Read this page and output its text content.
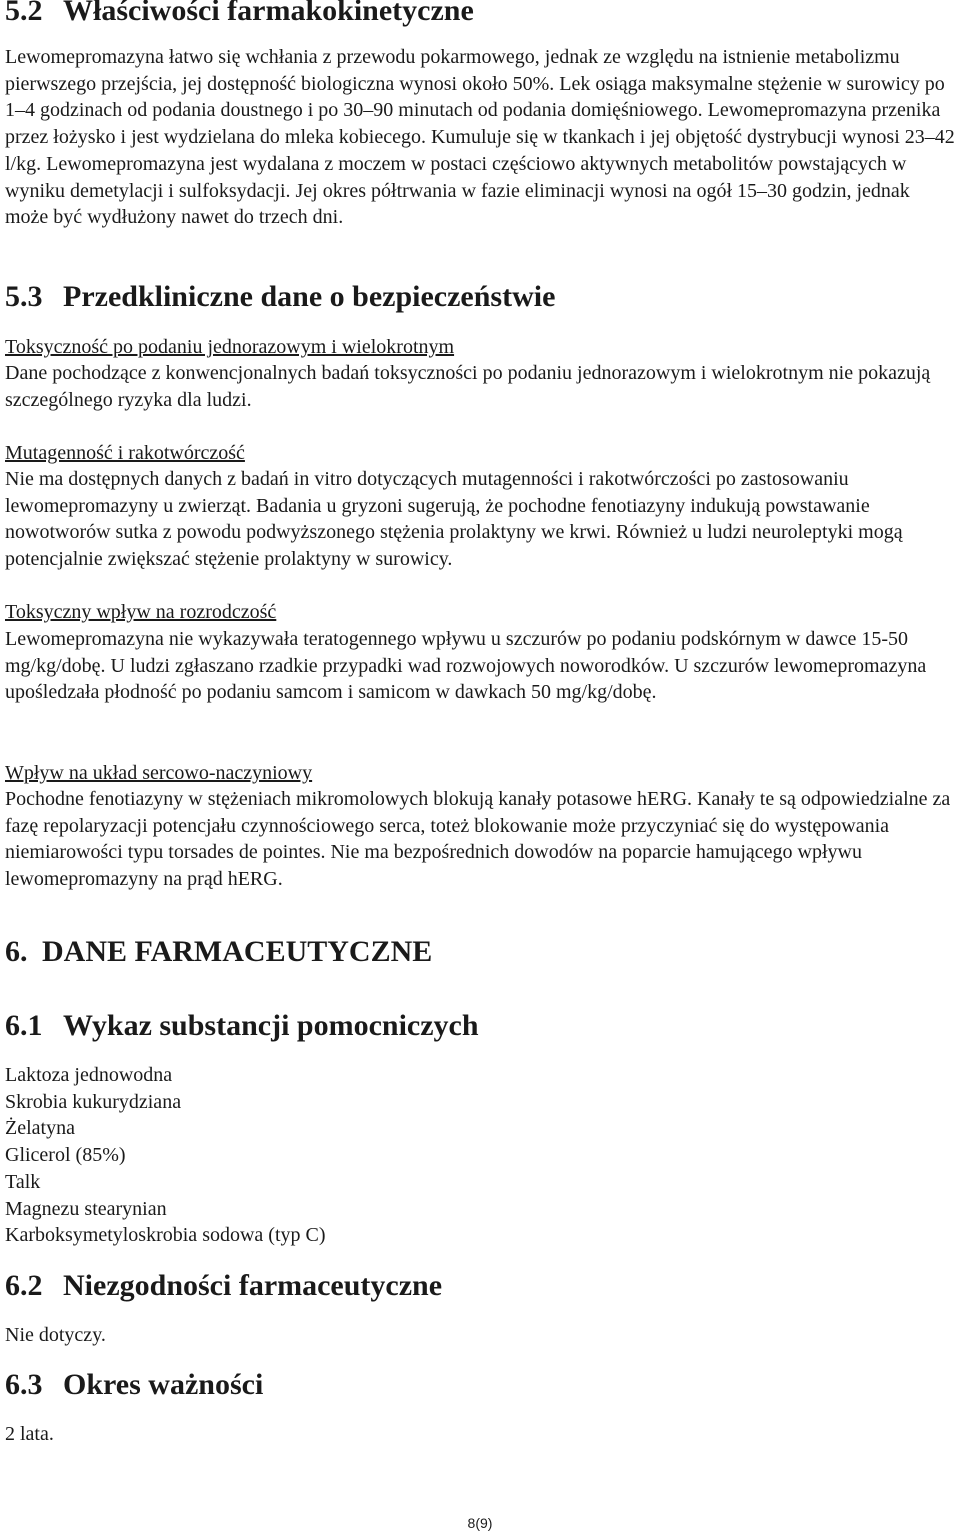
5.2 Właściwości farmakokinetyczne

Lewomepromazyna łatwo się wchłania z przewodu pokarmowego, jednak ze względu na istnienie metabolizmu pierwszego przejścia, jej dostępność biologiczna wynosi około 50%. Lek osiąga maksymalne stężenie w surowicy po 1–4 godzinach od podania doustnego i po 30–90 minutach od podania domięśniowego. Lewomepromazyna przenika przez łożysko i jest wydzielana do mleka kobiecego. Kumuluje się w tkankach i jej objętość dystrybucji wynosi 23–42 l/kg. Lewomepromazyna jest wydalana z moczem w postaci częściowo aktywnych metabolitów powstających w wyniku demetylacji i sulfoksydacji. Jej okres półtrwania w fazie eliminacji wynosi na ogół 15–30 godzin, jednak może być wydłużony nawet do trzech dni.

5.3 Przedkliniczne dane o bezpieczeństwie
Toksyczność po podaniu jednorazowym i wielokrotnym

Dane pochodzące z konwencjonalnych badań toksyczności po podaniu jednorazowym i wielokrotnym nie pokazują szczególnego ryzyka dla ludzi.

Mutagenność i rakotwórczość

Nie ma dostępnych danych z badań in vitro dotyczących mutagenności i rakotwórczości po zastosowaniu lewomepromazyny u zwierząt. Badania u gryzoni sugerują, że pochodne fenotiazyny indukują powstawanie nowotworów sutka z powodu podwyższonego stężenia prolaktyny we krwi. Również u ludzi neuroleptyki mogą potencjalnie zwiększać stężenie prolaktyny w surowicy.

Toksyczny wpływ na rozrodczość

Lewomepromazyna nie wykazywała teratogennego wpływu u szczurów po podaniu podskórnym w dawce 15-50 mg/kg/dobę. U ludzi zgłaszano rzadkie przypadki wad rozwojowych noworodków. U szczurów lewomepromazyna upośledzała płodność po podaniu samcom i samicom w dawkach 50 mg/kg/dobę.

Wpływ na układ sercowo-naczyniowy

Pochodne fenotiazyny w stężeniach mikromolowych blokują kanały potasowe hERG. Kanały te są odpowiedzialne za fazę repolaryzacji potencjału czynnościowego serca, toteż blokowanie może przyczyniać się do występowania niemiarowości typu torsades de pointes. Nie ma bezpośrednich dowodów na poparcie hamującego wpływu lewomepromazyny na prąd hERG.

6. DANE FARMACEUTYCZNE
6.1 Wykaz substancji pomocniczych
Laktoza jednowodna
Skrobia kukurydziana
Żelatyna
Glicerol (85%)
Talk
Magnezu stearynian
Karboksymetyloskrobia sodowa (typ C)
6.2 Niezgodności farmaceutyczne

Nie dotyczy.

6.3 Okres ważności

2 lata.

8(9)
